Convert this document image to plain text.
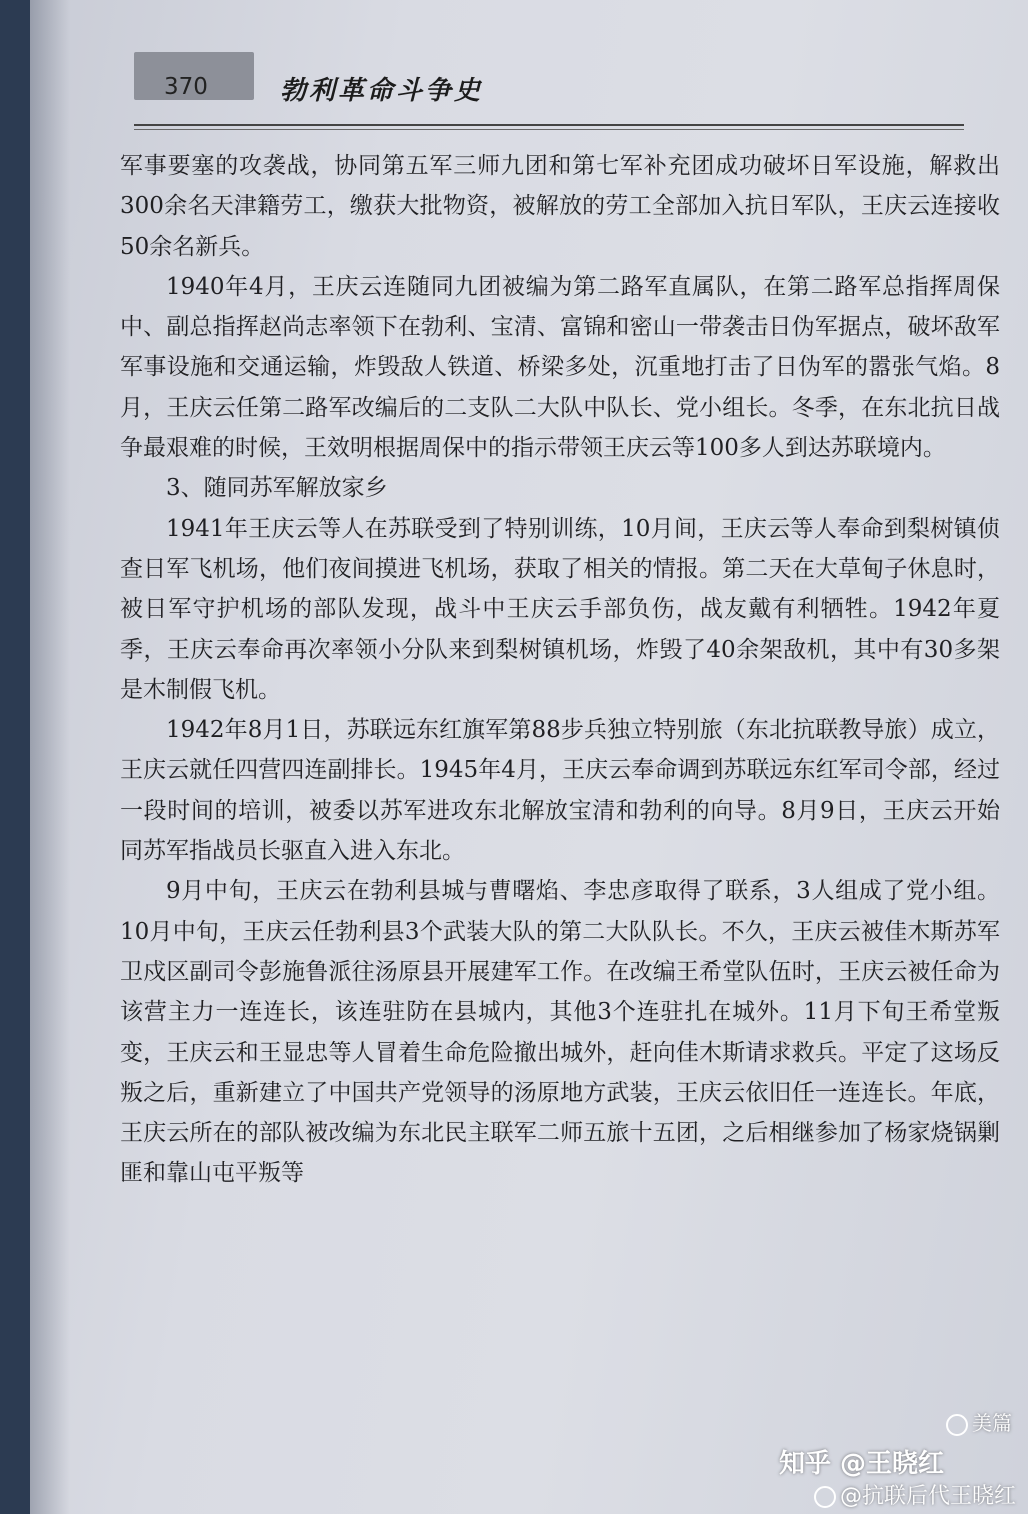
370	勃利革命斗争史

军事要塞的攻袭战，协同第五军三师九团和第七军补充团成功破坏日军设施，解救出300余名天津籍劳工，缴获大批物资，被解放的劳工全部加入抗日军队，王庆云连接收50余名新兵。

1940年4月，王庆云连随同九团被编为第二路军直属队，在第二路军总指挥周保中、副总指挥赵尚志率领下在勃利、宝清、富锦和密山一带袭击日伪军据点，破坏敌军军事设施和交通运输，炸毁敌人铁道、桥梁多处，沉重地打击了日伪军的嚣张气焰。8月，王庆云任第二路军改编后的二支队二大队中队长、党小组长。冬季，在东北抗日战争最艰难的时候，王效明根据周保中的指示带领王庆云等100多人到达苏联境内。

3、随同苏军解放家乡

1941年王庆云等人在苏联受到了特别训练，10月间，王庆云等人奉命到梨树镇侦查日军飞机场，他们夜间摸进飞机场，获取了相关的情报。第二天在大草甸子休息时，被日军守护机场的部队发现，战斗中王庆云手部负伤，战友戴有利牺牲。1942年夏季，王庆云奉命再次率领小分队来到梨树镇机场，炸毁了40余架敌机，其中有30多架是木制假飞机。

1942年8月1日，苏联远东红旗军第88步兵独立特别旅（东北抗联教导旅）成立，王庆云就任四营四连副排长。1945年4月，王庆云奉命调到苏联远东红军司令部，经过一段时间的培训，被委以苏军进攻东北解放宝清和勃利的向导。8月9日，王庆云开始同苏军指战员长驱直入进入东北。

9月中旬，王庆云在勃利县城与曹曙焰、李忠彦取得了联系，3人组成了党小组。10月中旬，王庆云任勃利县3个武装大队的第二大队队长。不久，王庆云被佳木斯苏军卫戍区副司令彭施鲁派往汤原县开展建军工作。在改编王希堂队伍时，王庆云被任命为该营主力一连连长，该连驻防在县城内，其他3个连驻扎在城外。11月下旬王希堂叛变，王庆云和王显忠等人冒着生命危险撤出城外，赶向佳木斯请求救兵。平定了这场反叛之后，重新建立了中国共产党领导的汤原地方武装，王庆云依旧任一连连长。年底，王庆云所在的部队被改编为东北民主联军二师五旅十五团，之后相继参加了杨家烧锅剿匪和靠山屯平叛等

美篇
知乎 @王晓红
@抗联后代王晓红
